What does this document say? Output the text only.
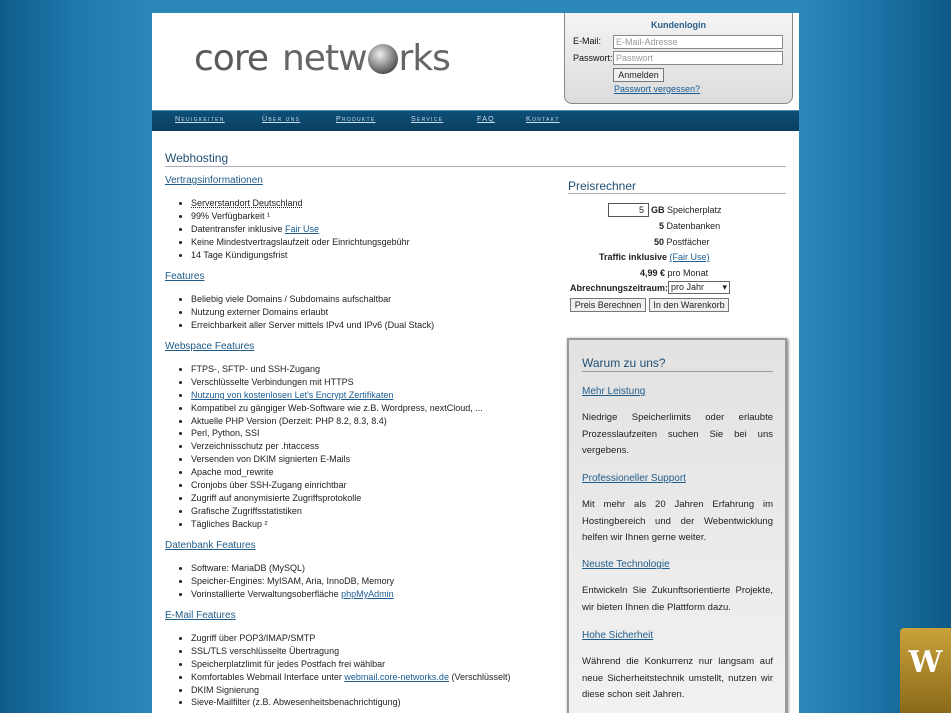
core netw rks
Kundenlogin
E-Mail:	E-Mail-Adresse
Passwort: Passwort
Anmelden
Passwort vergessen?
Neuigkeiten	Über uns	Produkte	Service	FAQ	Kontakt
Webhosting
Vertragsinformationen
• Serverstandort Deutschland
• 99% Verfügbarkeit ¹
• Datentransfer inklusive Fair Use
• Keine Mindestvertragslaufzeit oder Einrichtungsgebühr
• 14 Tage Kündigungsfrist
Features
• Beliebig viele Domains / Subdomains aufschaltbar
• Nutzung externer Domains erlaubt
• Erreichbarkeit aller Server mittels IPv4 und IPv6 (Dual Stack)
Webspace Features
• FTPS-, SFTP- und SSH-Zugang
• Verschlüsselte Verbindungen mit HTTPS
• Nutzung von kostenlosen Let's Encrypt Zertifikaten
• Kompatibel zu gängiger Web-Software wie z.B. Wordpress, nextCloud, ...
• Aktuelle PHP Version (Derzeit: PHP 8.2, 8.3, 8.4)
• Perl, Python, SSI
• Verzeichnisschutz per .htaccess
• Versenden von DKIM signierten E-Mails
• Apache mod_rewrite
• Cronjobs über SSH-Zugang einrichtbar
• Zugriff auf anonymisierte Zugriffsprotokolle
• Grafische Zugriffsstatistiken
• Tägliches Backup ²
Datenbank Features
• Software: MariaDB (MySQL)
• Speicher-Engines: MyISAM, Aria, InnoDB, Memory
• Vorinstallierte Verwaltungsoberfläche phpMyAdmin
E-Mail Features
• Zugriff über POP3/IMAP/SMTP
• SSL/TLS verschlüsselte Übertragung
• Speicherplatzlimit für jedes Postfach frei wählbar
• Komfortables Webmail Interface unter webmail.core-networks.de (Verschlüsselt)
• DKIM Signierung
• Sieve-Mailfilter (z.B. Abwesenheitsbenachrichtigung)
Preisrechner
5 GB Speicherplatz
5 Datenbanken
50 Postfächer
Traffic inklusive (Fair Use)
4,99 € pro Monat
Abrechnungszeitraum: pro Jahr ▾
Preis Berechnen	In den Warenkorb
Warum zu uns?
Mehr Leistung
Niedrige Speicherlimits oder erlaubte Prozesslaufzeiten suchen Sie bei uns vergebens.
Professioneller Support
Mit mehr als 20 Jahren Erfahrung im Hostingbereich und der Webentwicklung helfen wir Ihnen gerne weiter.
Neuste Technologie
Entwickeln Sie Zukunftsorientierte Projekte, wir bieten Ihnen die Plattform dazu.
Hohe Sicherheit
Während die Konkurrenz nur langsam auf neue Sicherheitstechnik umstellt, nutzen wir diese schon seit Jahren.
W
